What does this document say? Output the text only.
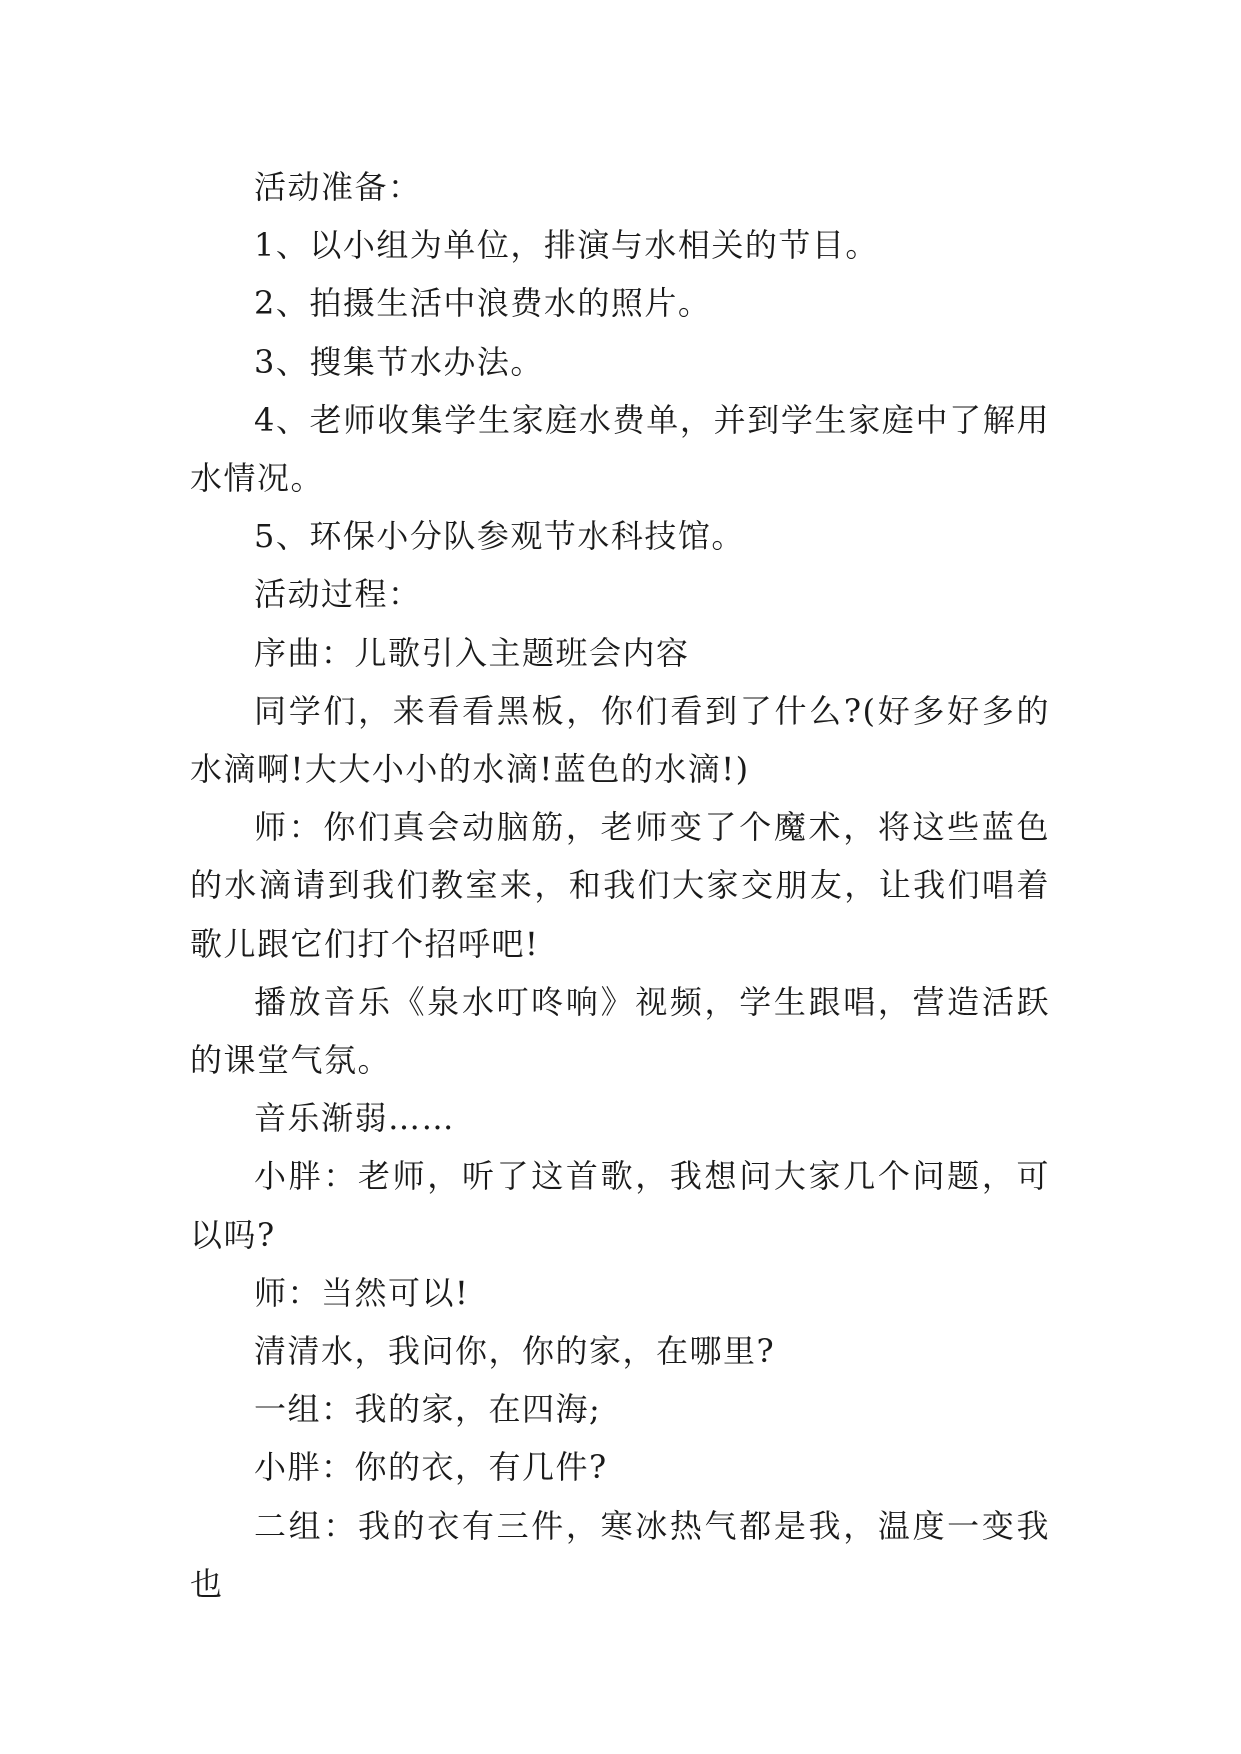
活动准备：

1、以小组为单位，排演与水相关的节目。

2、拍摄生活中浪费水的照片。

3、搜集节水办法。

4、老师收集学生家庭水费单，并到学生家庭中了解用水情况。

5、环保小分队参观节水科技馆。

活动过程：

序曲：儿歌引入主题班会内容

同学们，来看看黑板，你们看到了什么?(好多好多的水滴啊!大大小小的水滴!蓝色的水滴!)

师：你们真会动脑筋，老师变了个魔术，将这些蓝色的水滴请到我们教室来，和我们大家交朋友，让我们唱着歌儿跟它们打个招呼吧!

播放音乐《泉水叮咚响》视频，学生跟唱，营造活跃的课堂气氛。

音乐渐弱……

小胖：老师，听了这首歌，我想问大家几个问题，可以吗?

师：当然可以!

清清水，我问你，你的家，在哪里?

一组：我的家，在四海;

小胖：你的衣，有几件?

二组：我的衣有三件，寒冰热气都是我，温度一变我也
